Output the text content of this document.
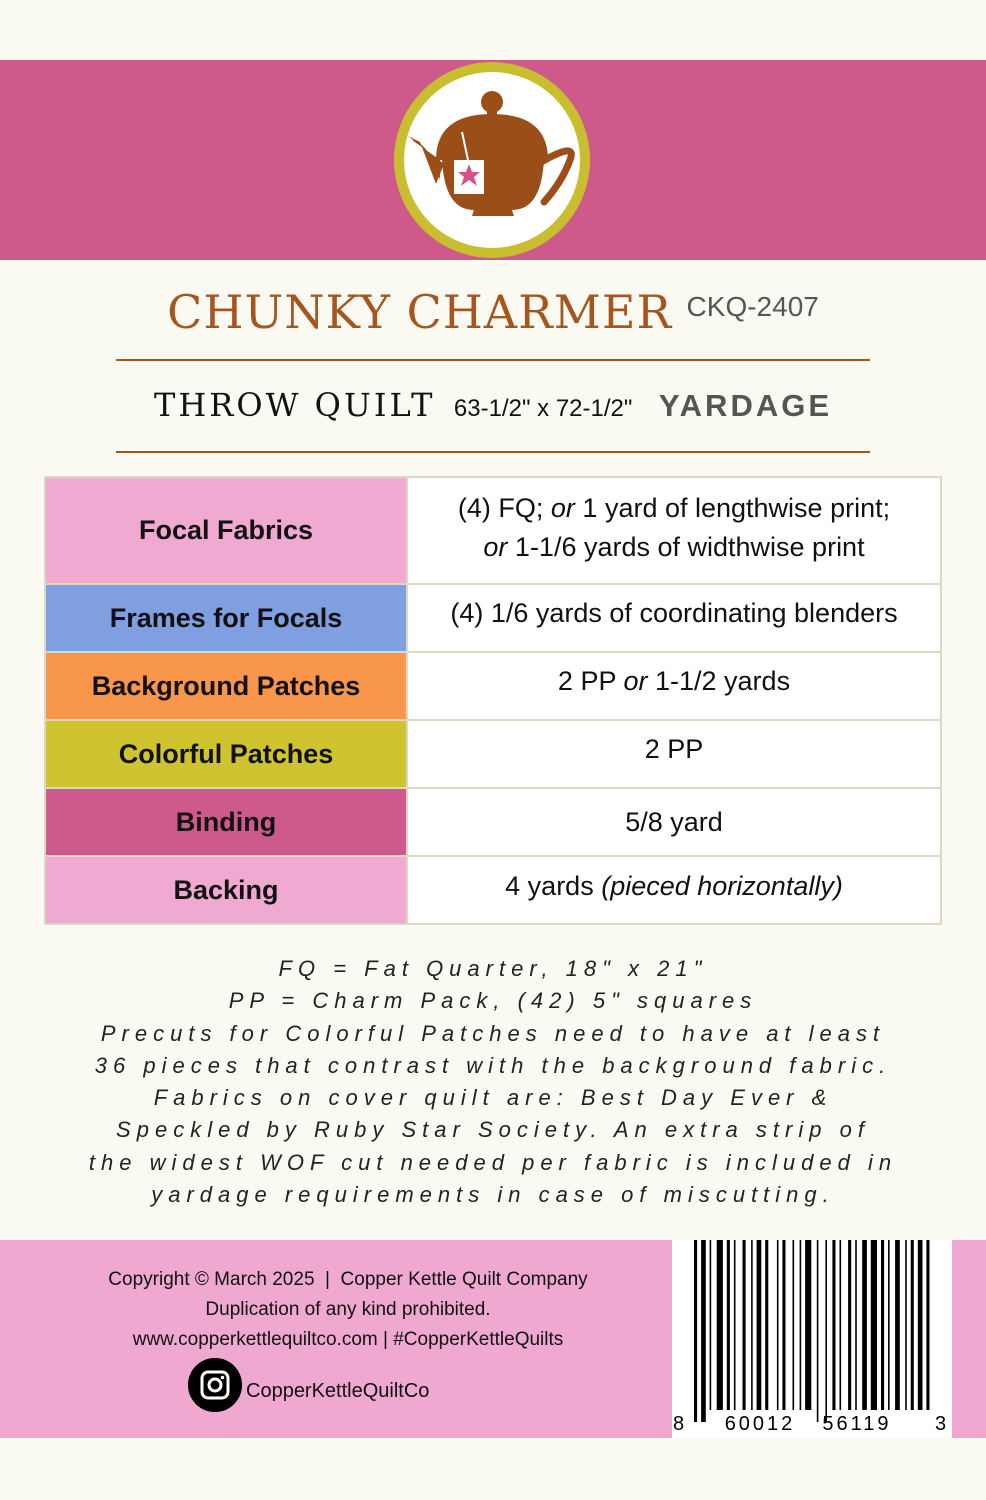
CHUNKY CHARMER CKQ-2407
THROW QUILT 63-1/2" x 72-1/2" YARDAGE
Focal Fabrics	(4) FQ; or 1 yard of lengthwise print;
or 1-1/6 yards of widthwise print
Frames for Focals	(4) 1/6 yards of coordinating blenders
Background Patches	2 PP or 1-1/2 yards
Colorful Patches	2 PP
Binding	5/8 yard
Backing	4 yards (pieced horizontally)
FQ = Fat Quarter, 18" x 21"
PP = Charm Pack, (42) 5" squares
Precuts for Colorful Patches need to have at least
36 pieces that contrast with the background fabric.
Fabrics on cover quilt are: Best Day Ever &
Speckled by Ruby Star Society. An extra strip of
the widest WOF cut needed per fabric is included in
yardage requirements in case of miscutting.
Copyright © March 2025  |  Copper Kettle Quilt Company
Duplication of any kind prohibited.
www.copperkettlequiltco.com | #CopperKettleQuilts
CopperKettleQuiltCo
8 60012 56119 3
